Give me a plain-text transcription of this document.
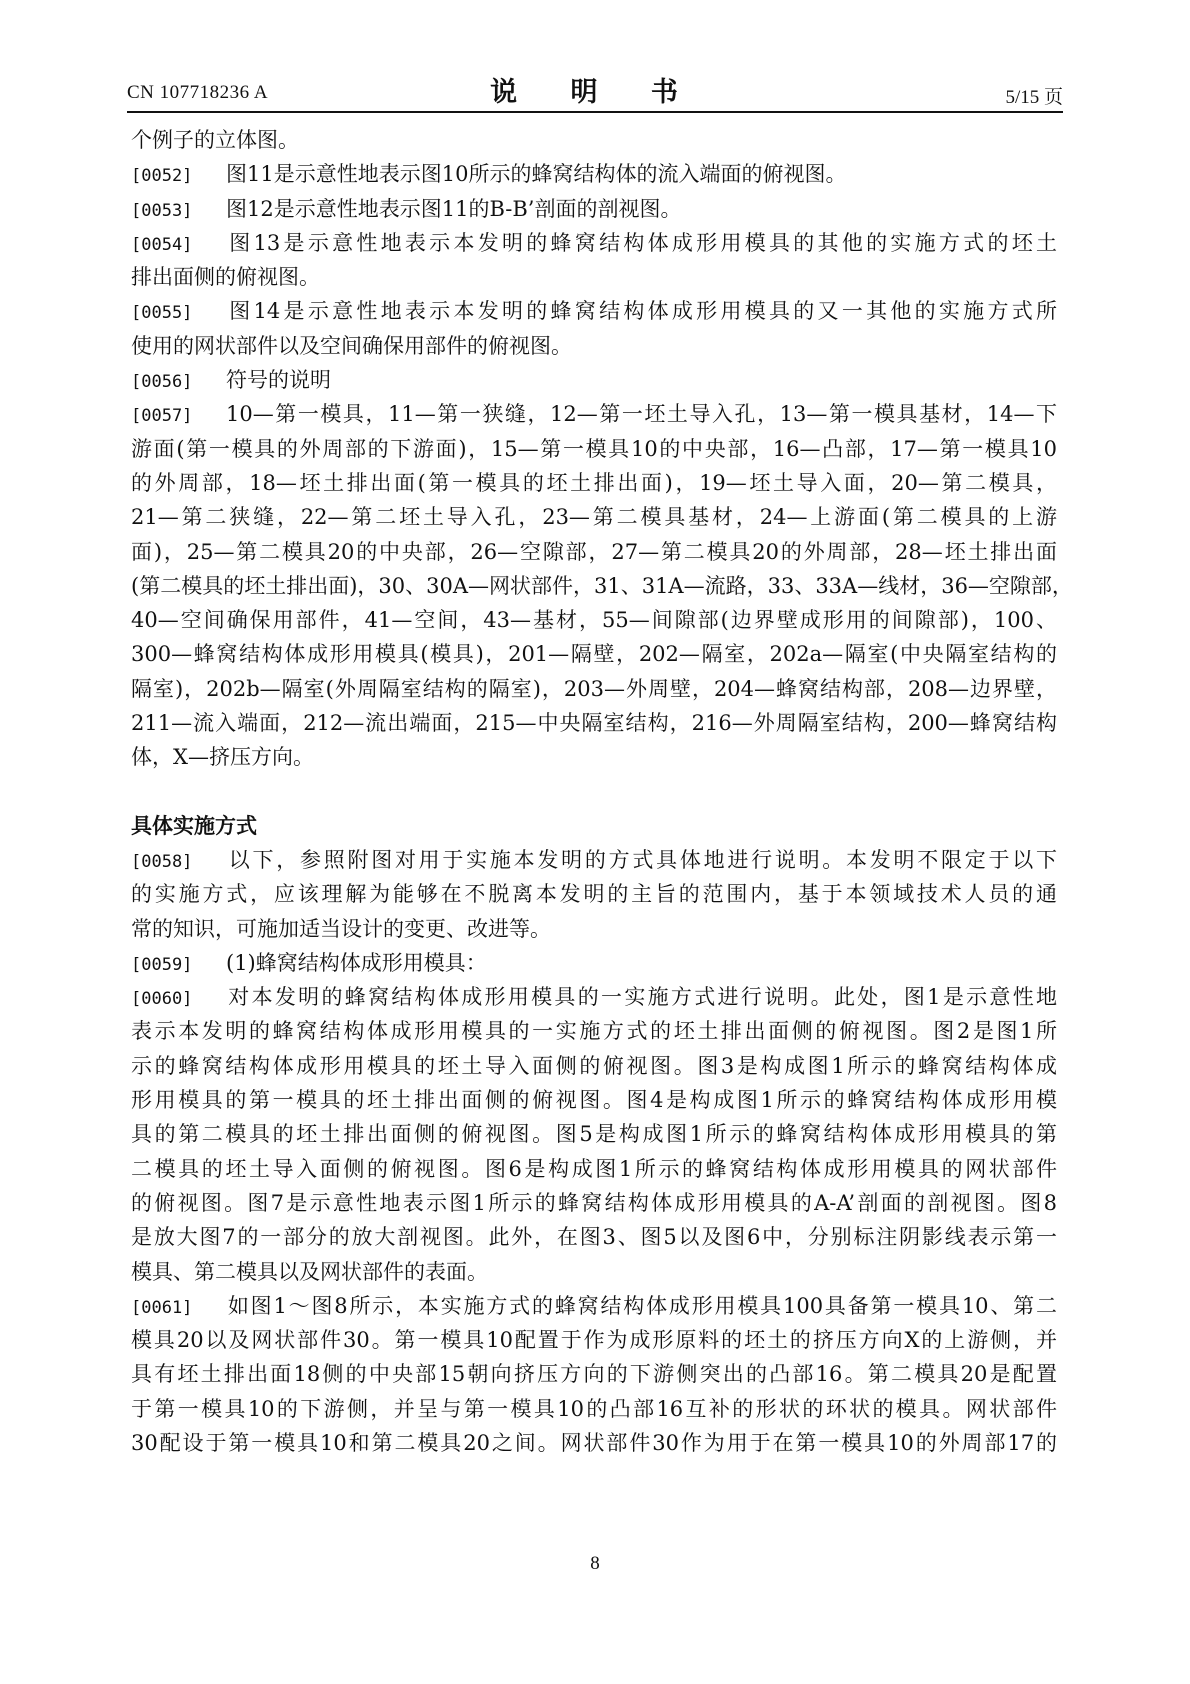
CN 107718236 A	说 明 书	5/15 页
个例子的立体图。
[0052] 图11是示意性地表示图10所示的蜂窝结构体的流入端面的俯视图。
[0053] 图12是示意性地表示图11的B-B’剖面的剖视图。
[0054] 图13是示意性地表示本发明的蜂窝结构体成形用模具的其他的实施方式的坯土
排出面侧的俯视图。
[0055] 图14是示意性地表示本发明的蜂窝结构体成形用模具的又一其他的实施方式所
使用的网状部件以及空间确保用部件的俯视图。
[0056] 符号的说明
[0057] 10—第一模具，11—第一狭缝，12—第一坯土导入孔，13—第一模具基材，14—下
游面(第一模具的外周部的下游面)，15—第一模具10的中央部，16—凸部，17—第一模具10
的外周部，18—坯土排出面(第一模具的坯土排出面)，19—坯土导入面，20—第二模具，
21—第二狭缝，22—第二坯土导入孔，23—第二模具基材，24—上游面(第二模具的上游
面)，25—第二模具20的中央部，26—空隙部，27—第二模具20的外周部，28—坯土排出面
(第二模具的坯土排出面)，30、30A—网状部件，31、31A—流路，33、33A—线材，36—空隙部，
40—空间确保用部件，41—空间，43—基材，55—间隙部(边界壁成形用的间隙部)，100、
300—蜂窝结构体成形用模具(模具)，201—隔壁，202—隔室，202a—隔室(中央隔室结构的
隔室)，202b—隔室(外周隔室结构的隔室)，203—外周壁，204—蜂窝结构部，208—边界壁，
211—流入端面，212—流出端面，215—中央隔室结构，216—外周隔室结构，200—蜂窝结构
体，X—挤压方向。
具体实施方式
[0058] 以下，参照附图对用于实施本发明的方式具体地进行说明。本发明不限定于以下
的实施方式，应该理解为能够在不脱离本发明的主旨的范围内，基于本领域技术人员的通
常的知识，可施加适当设计的变更、改进等。
[0059] (1)蜂窝结构体成形用模具：
[0060] 对本发明的蜂窝结构体成形用模具的一实施方式进行说明。此处，图1是示意性地
表示本发明的蜂窝结构体成形用模具的一实施方式的坯土排出面侧的俯视图。图2是图1所
示的蜂窝结构体成形用模具的坯土导入面侧的俯视图。图3是构成图1所示的蜂窝结构体成
形用模具的第一模具的坯土排出面侧的俯视图。图4是构成图1所示的蜂窝结构体成形用模
具的第二模具的坯土排出面侧的俯视图。图5是构成图1所示的蜂窝结构体成形用模具的第
二模具的坯土导入面侧的俯视图。图6是构成图1所示的蜂窝结构体成形用模具的网状部件
的俯视图。图7是示意性地表示图1所示的蜂窝结构体成形用模具的A-A’剖面的剖视图。图8
是放大图7的一部分的放大剖视图。此外，在图3、图5以及图6中，分别标注阴影线表示第一
模具、第二模具以及网状部件的表面。
[0061] 如图1～图8所示，本实施方式的蜂窝结构体成形用模具100具备第一模具10、第二
模具20以及网状部件30。第一模具10配置于作为成形原料的坯土的挤压方向X的上游侧，并
具有坯土排出面18侧的中央部15朝向挤压方向的下游侧突出的凸部16。第二模具20是配置
于第一模具10的下游侧，并呈与第一模具10的凸部16互补的形状的环状的模具。网状部件
30配设于第一模具10和第二模具20之间。网状部件30作为用于在第一模具10的外周部17的
8
